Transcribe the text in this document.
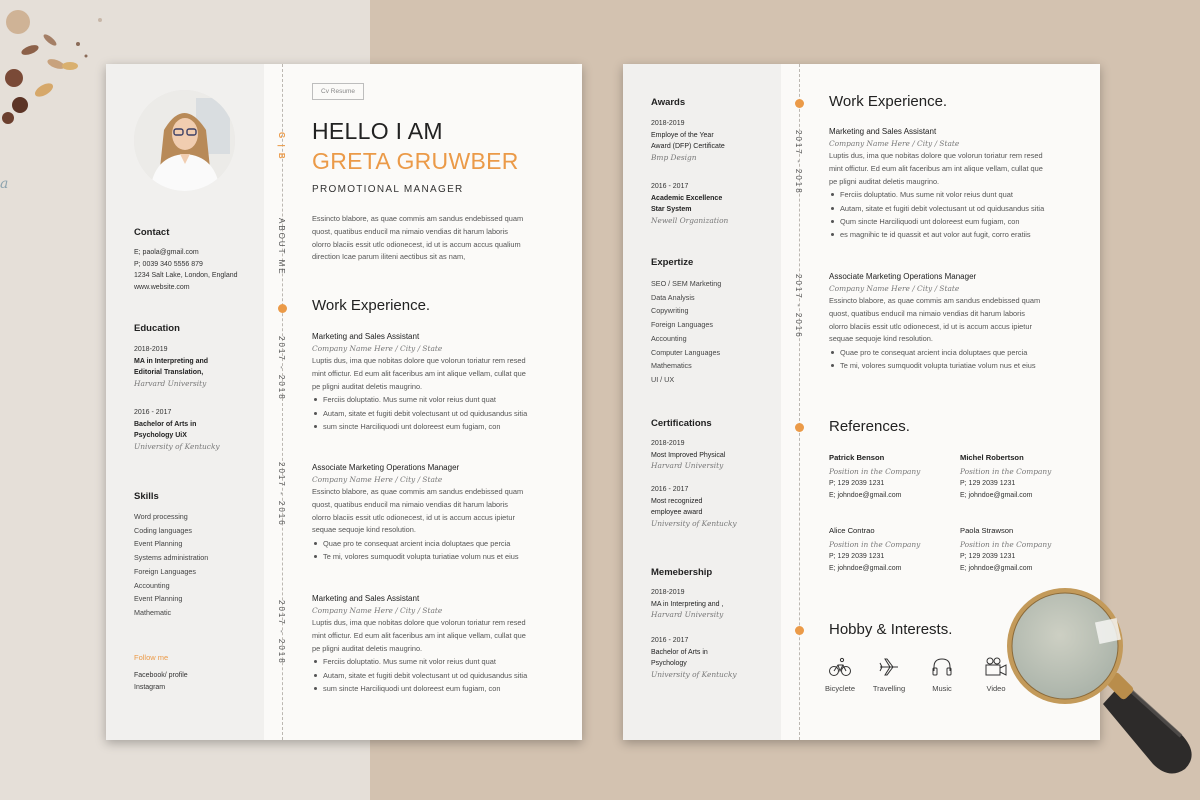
a
Contact
E; paola@gmail.com
P; 0039 340 5556 879
1234 Salt Lake, London, England
www.website.com
Education
2018-2019
MA in Interpreting and
Editorial Translation,
Harvard University
2016 - 2017
Bachelor of Arts in
Psychology UiX
University of Kentucky
Skills
Word processing
Coding languages
Event Planning
Systems administration
Foreign Languages
Accounting
Event Planning
Mathematic
Follow me
Facebook/ profile
Instagram
G | B
ABOUT ME
2017 - 2018
2017 - 2016
2017 - 2018
Cv Resume
HELLO I AM
GRETA GRUWBER
PROMOTIONAL MANAGER
Essincto blabore, as quae commis am sandus endebissed quam
quost, quatibus enducil ma nimaio vendias dit harum laboris
olorro blaciis essit utlc odionecest, id ut is accum accus qualium
direction Icae parum iliteni aectibus sit as nam,
Work Experience.
Marketing and Sales Assistant
Company Name Here / City / State
Luptis dus, ima que nobitas dolore que volorun toriatur rem resed
mint offictur. Ed eum alit faceribus am int alique vellam, cullat que
pe pligni auditat deletis maugrino.
Ferciis doluptatio. Mus sume nit volor reius dunt quat
Autam, sitate et fugiti debit volectusant ut od quidusandus sitia
sum sincte Harciliquodi unt doloreest eum fugiam, con
Associate Marketing Operations Manager
Company Name Here / City / State
Essincto blabore, as quae commis am sandus endebissed quam
quost, quatibus enducil ma nimaio vendias dit harum laboris
olorro blaciis essit utlc odionecest, id ut is accum accus ipietur
sequae sequoje kind resolution.
Quae pro te consequat arcient incia doluptaes que percia
Te mi, volores sumquodit volupta turiatiae volum nus et eius
Marketing and Sales Assistant
Company Name Here / City / State
Luptis dus, ima que nobitas dolore que volorun toriatur rem resed
mint offictur. Ed eum alit faceribus am int alique vellam, cullat que
pe pligni auditat deletis maugrino.
Ferciis doluptatio. Mus sume nit volor reius dunt quat
Autam, sitate et fugiti debit volectusant ut od quidusandus sitia
sum sincte Harciliquodi unt doloreest eum fugiam, con
Awards
2018-2019
Employe of the Year
Award (DFP) Certificate
Bmp Design
2016 - 2017
Academic Excellence
Star System
Newell Organization
Expertize
SEO / SEM Marketing
Data Analysis
Copywriting
Foreign Languages
Accounting
Computer Languages
Mathematics
UI / UX
Certifications
2018-2019
Most Improved Physical
Harvard University
2016 - 2017
Most recognized
employee award
University of Kentucky
Memebership
2018-2019
MA in Interpreting and ,
Harvard University
2016 - 2017
Bachelor of Arts in
Psychology
University of Kentucky
2017 - 2018
2017 - 2016
Work Experience.
Marketing and Sales Assistant
Company Name Here / City / State
Luptis dus, ima que nobitas dolore que volorun toriatur rem resed
mint offictur. Ed eum alit faceribus am int alique vellam, cullat que
pe pligni auditat deletis maugrino.
Ferciis doluptatio. Mus sume nit volor reius dunt quat
Autam, sitate et fugiti debit volectusant ut od quidusandus sitia
Qum sincte Harciliquodi unt doloreest eum fugiam, con
es magnihic te id quassit et aut volor aut fugit, corro eratiis
Associate Marketing Operations Manager
Company Name Here / City / State
Essincto blabore, as quae commis am sandus endebissed quam
quost, quatibus enducil ma nimaio vendias dit harum laboris
olorro blaciis essit utlc odionecest, id ut is accum accus ipietur
sequae sequoje kind resolution.
Quae pro te consequat arcient incia doluptaes que percia
Te mi, volores sumquodit volupta turiatiae volum nus et eius
References.
Patrick Benson
Position in the Company
P; 129 2039 1231
E; johndoe@gmail.com
Michel Robertson
Position in the Company
P; 129 2039 1231
E; johndoe@gmail.com
Alice Contrao
Position in the Company
P; 129 2039 1231
E; johndoe@gmail.com
Paola Strawson
Position in the Company
P; 129 2039 1231
E; johndoe@gmail.com
Hobby & Interests.
Bicyclete	Travelling	Music	Video
